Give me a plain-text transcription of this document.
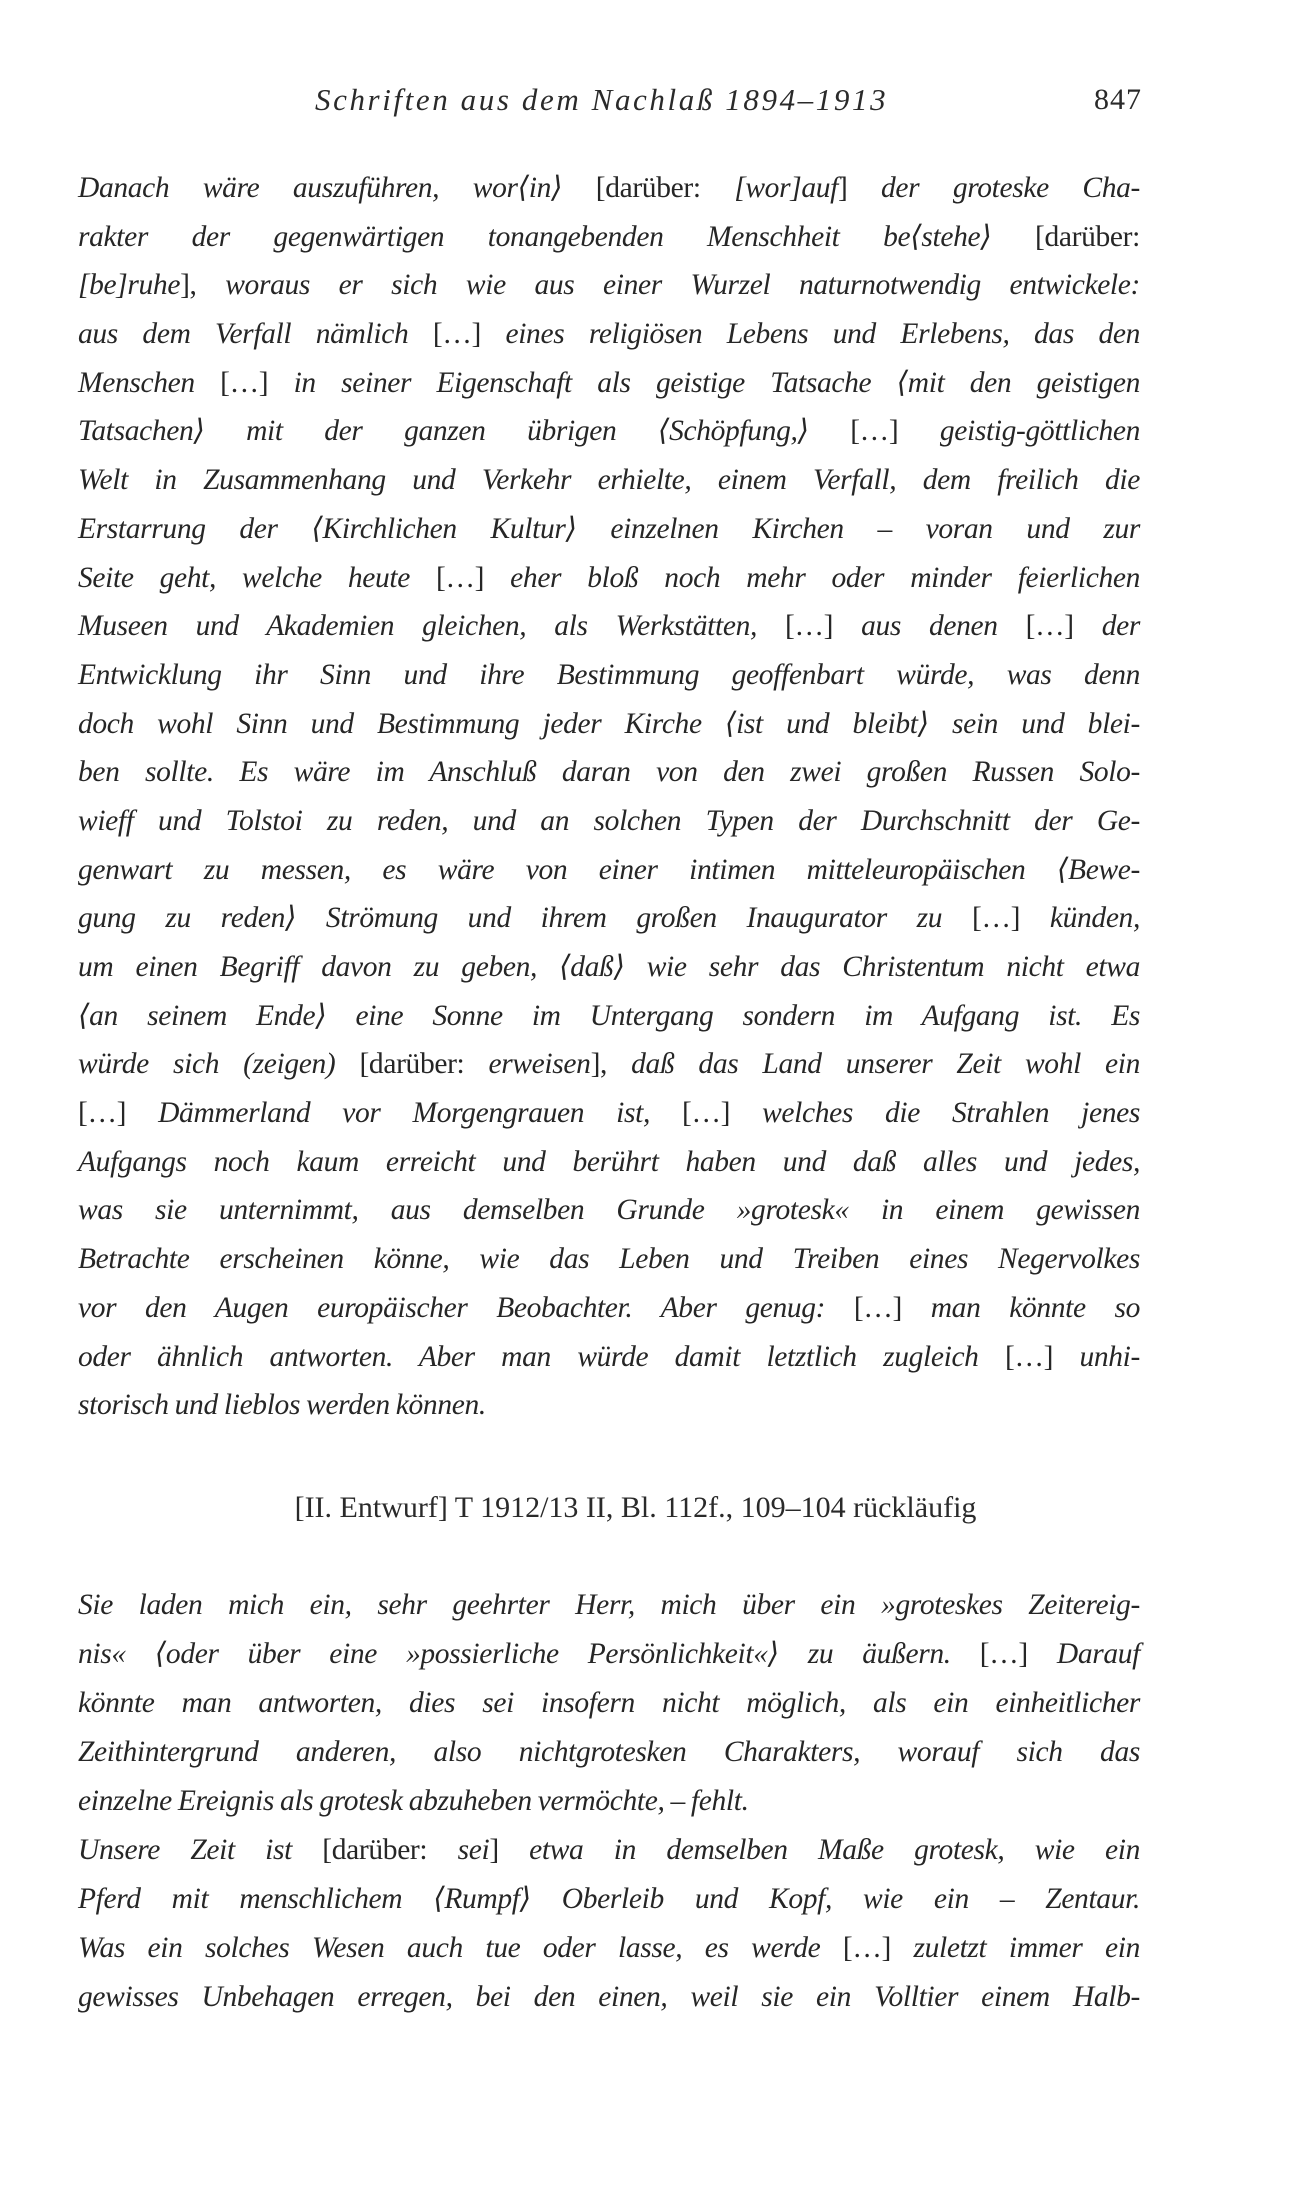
Schriften aus dem Nachlaß 1894–1913	847
Danach wäre auszuführen, wor⟨in⟩ [darüber: [wor]auf] der groteske Cha-
rakter der gegenwärtigen tonangebenden Menschheit be⟨stehe⟩ [darüber:
[be]ruhe], woraus er sich wie aus einer Wurzel naturnotwendig entwickele:
aus dem Verfall nämlich […] eines religiösen Lebens und Erlebens, das den
Menschen […] in seiner Eigenschaft als geistige Tatsache ⟨mit den geistigen
Tatsachen⟩ mit der ganzen übrigen ⟨Schöpfung,⟩ […] geistig-göttlichen
Welt in Zusammenhang und Verkehr erhielte, einem Verfall, dem freilich die
Erstarrung der ⟨Kirchlichen Kultur⟩ einzelnen Kirchen – voran und zur
Seite geht, welche heute […] eher bloß noch mehr oder minder feierlichen
Museen und Akademien gleichen, als Werkstätten, […] aus denen […] der
Entwicklung ihr Sinn und ihre Bestimmung geoffenbart würde, was denn
doch wohl Sinn und Bestimmung jeder Kirche ⟨ist und bleibt⟩ sein und blei-
ben sollte. Es wäre im Anschluß daran von den zwei großen Russen Solo-
wieff und Tolstoi zu reden, und an solchen Typen der Durchschnitt der Ge-
genwart zu messen, es wäre von einer intimen mitteleuropäischen ⟨Bewe-
gung zu reden⟩ Strömung und ihrem großen Inaugurator zu […] künden,
um einen Begriff davon zu geben, ⟨daß⟩ wie sehr das Christentum nicht etwa
⟨an seinem Ende⟩ eine Sonne im Untergang sondern im Aufgang ist. Es
würde sich (zeigen) [darüber: erweisen], daß das Land unserer Zeit wohl ein
[…] Dämmerland vor Morgengrauen ist, […] welches die Strahlen jenes
Aufgangs noch kaum erreicht und berührt haben und daß alles und jedes,
was sie unternimmt, aus demselben Grunde »grotesk« in einem gewissen
Betrachte erscheinen könne, wie das Leben und Treiben eines Negervolkes
vor den Augen europäischer Beobachter. Aber genug: […] man könnte so
oder ähnlich antworten. Aber man würde damit letztlich zugleich […] unhi-
storisch und lieblos werden können.
[II. Entwurf] T 1912/13 II, Bl. 112f., 109–104 rückläufig
Sie laden mich ein, sehr geehrter Herr, mich über ein »groteskes Zeitereig-
nis« ⟨oder über eine »possierliche Persönlichkeit«⟩ zu äußern. […] Darauf
könnte man antworten, dies sei insofern nicht möglich, als ein einheitlicher
Zeithintergrund anderen, also nichtgrotesken Charakters, worauf sich das
einzelne Ereignis als grotesk abzuheben vermöchte, – fehlt.
Unsere Zeit ist [darüber: sei] etwa in demselben Maße grotesk, wie ein
Pferd mit menschlichem ⟨Rumpf⟩ Oberleib und Kopf, wie ein – Zentaur.
Was ein solches Wesen auch tue oder lasse, es werde […] zuletzt immer ein
gewisses Unbehagen erregen, bei den einen, weil sie ein Volltier einem Halb-
